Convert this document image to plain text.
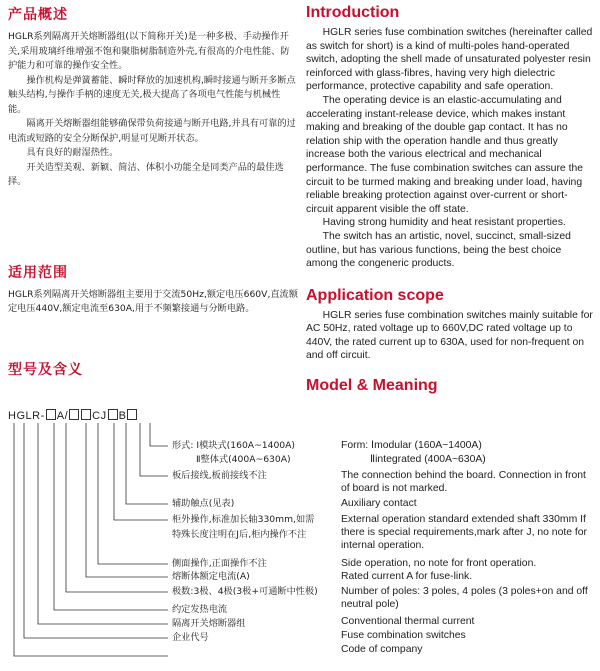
产品概述

HGLR系列隔离开关熔断器组(以下简称开关)是一种多极、手动操作开关,采用玻璃纤维增强不饱和聚脂树脂制造外壳,有很高的介电性能、防护能力和可靠的操作安全性。

操作机构是弹簧蓄能、瞬时释放的加速机构,瞬时接通与断开多断点触头结构,与操作手柄的速度无关,极大提高了各项电气性能与机械性能。

隔离开关熔断器组能够确保带负荷接通与断开电路,并具有可靠的过电流或短路的安全分断保护,明显可见断开状态。

具有良好的耐湿热性。

开关造型美观、新颖、简洁、体积小功能全是同类产品的最佳选择。

适用范围

HGLR系列隔离开关熔断器组主要用于交流50Hz,额定电压660V,直流额定电压440V,额定电流至630A,用于不频繁接通与分断电路。

型号及含义
HGLR- A/ CJ B
形式: Ⅰ模块式(160A~1400A)
Ⅱ整体式(400A~630A)
板后接线,板前接线不注
辅助触点(见表)
柜外操作,标准加长轴330mm,如需
特殊长度注明在J后,柜内操作不注
侧面操作,正面操作不注
熔断体额定电流(A)
极数:3极、4极(3极+可通断中性极)
约定发热电流
隔离开关熔断器组
企业代号
Introduction

HGLR series fuse combination switches (hereinafter called as switch for short) is a kind of multi-poles hand-operated switch, adopting the shell made of unsaturated polyester resin reinforced with glass-fibres, having very high dielectric performance, protective capability and safe operation.

The operating device is an elastic-accumulating and accelerating instant-release device, which makes instant making and breaking of the double gap contact. It has no relation ship with the operation handle and thus greatly increase both the various electrical and mechanical performance. The fuse combination switches can assure the circuit to be turmed making and breaking under load, having reliable breaking protection against over-current or short-circuit apparent visible the off state.

Having strong humidity and heat resistant properties.

The switch has an artistic, novel, succinct, small-sized outline, but has various functions, being the best choice among the congeneric products.

Application scope

HGLR series fuse combination switches mainly suitable for AC 50Hz, rated voltage up to 660V,DC rated voltage up to 440V, the rated current up to 630A, used for non-frequent on and off circuit.

Model & Meaning
Form: Ⅰmodular (160A~1400A)
Ⅱintegrated (400A~630A)
The connection behind the board. Connection in front of board is not marked.
Auxiliary contact
External operation standard extended shaft 330mm If there is special requirements,mark after J, no note for internal operation.
Side operation, no note for front operation.
Rated current A for fuse-link.
Number of poles: 3 poles, 4 poles (3 poles+on and off neutral pole)
Conventional thermal current
Fuse combination switches
Code of company
